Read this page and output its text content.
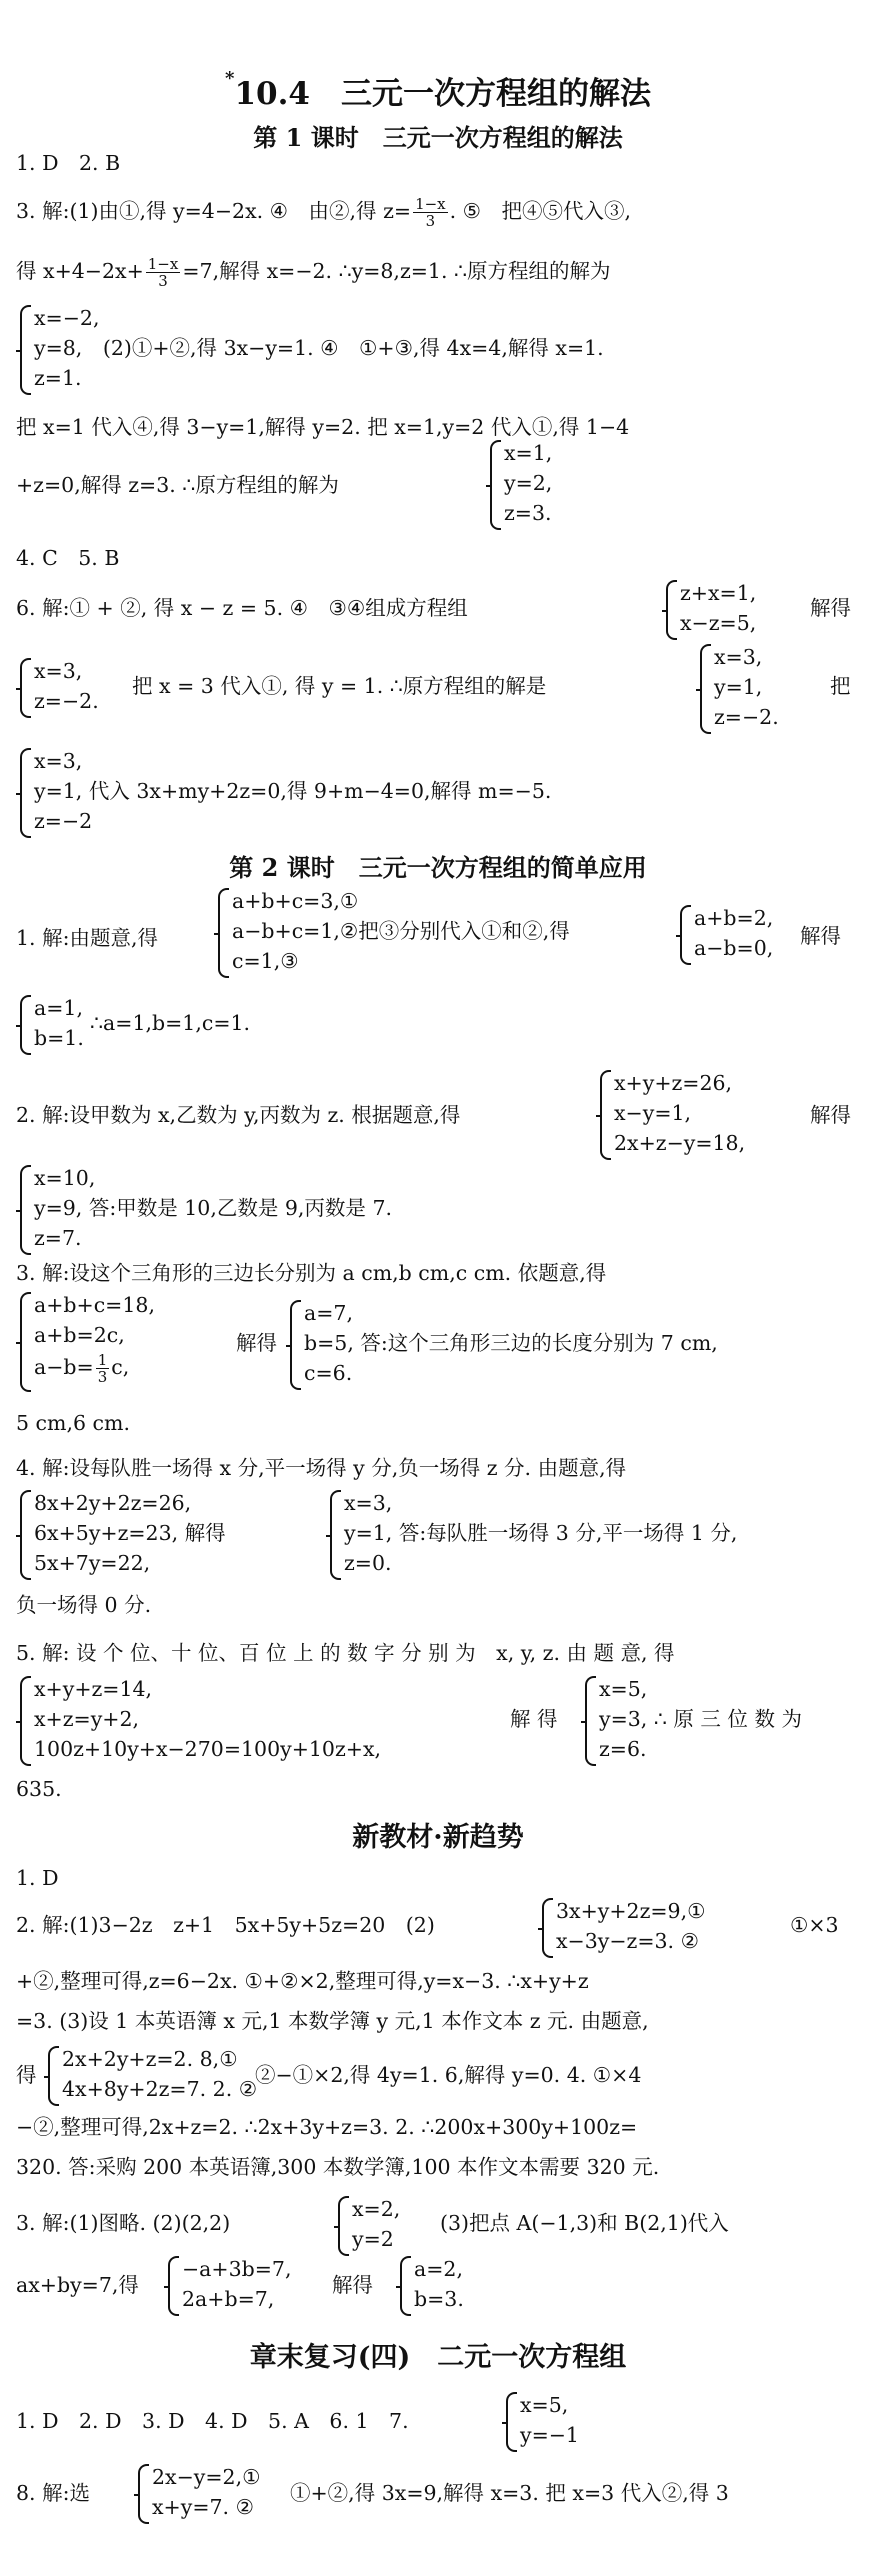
*10.4　 三元一次方程组的解法
第 1 课时　三元一次方程组的解法
1. D　2. B
3. 解:(1)由①,得 y=4−2x. ④　由②,得 $z= \frac{1-x}{3}$ . ⑤　把④⑤代入③,
得 $x+4-2x+ \frac{1-x}{3} =7$,解得 x=−2. ∴y=8,z=1. ∴原方程组的解为
x=−2,
y=8,　(2)①+②,得 3x−y=1. ④　①+③,得 4x=4,解得 x=1.
z=1.
把 x=1 代入④,得 3−y=1,解得 y=2. 把 x=1,y=2 代入①,得 1−4
+z=0,解得 z=3. ∴原方程组的解为
x=1,
y=2,
z=3.
4. C　5. B
6. 解:① + ②, 得 x − z = 5. ④　③④组成方程组
z+x=1,
x−z=5,
解得
x=3,
z=−2.
把 x = 3 代入①, 得 y = 1. ∴原方程组的解是
x=3,
y=1,
z=−2.
把
x=3,
y=1, 代入 3x+my+2z=0,得 9+m−4=0,解得 m=−5.
z=−2
第 2 课时　三元一次方程组的简单应用
1. 解:由题意,得
a+b+c=3,①
a−b+c=1,②把③分别代入①和②,得
c=1,③
a+b=2,
a−b=0, 解得
a=1,
b=1.
∴a=1,b=1,c=1.
2. 解:设甲数为 x,乙数为 y,丙数为 z. 根据题意,得
x+y+z=26,
x−y=1,
2x+z−y=18,
解得
x=10,
y=9, 答:甲数是 10,乙数是 9,丙数是 7.
z=7.
3. 解:设这个三角形的三边长分别为 a cm,b cm,c cm. 依题意,得
a+b+c=18,
a+b=2c,
$a-b= \frac{1}{3} c$,
解得
a=7,
b=5, 答:这个三角形三边的长度分别为 7 cm,
c=6.
5 cm,6 cm.
4. 解:设每队胜一场得 x 分,平一场得 y 分,负一场得 z 分. 由题意,得
8x+2y+2z=26,
6x+5y+z=23, 解得
5x+7y=22,
x=3,
y=1, 答:每队胜一场得 3 分,平一场得 1 分,
z=0.
负一场得 0 分.
5. 解: 设 个 位、十 位、百 位 上 的 数 字 分 别 为　x, y, z. 由 题 意, 得
x+y+z=14,
x+z=y+2,
100z+10y+x−270=100y+10z+x,
解 得
x=5,
y=3, ∴ 原 三 位 数 为
z=6.
635.
新教材·新趋势
1. D
2. 解:(1)3−2z　z+1　5x+5y+5z=20　(2)
3x+y+2z=9,①
x−3y−z=3. ②
①×3
+②,整理可得,z=6−2x. ①+②×2,整理可得,y=x−3. ∴x+y+z
=3. (3)设 1 本英语簿 x 元,1 本数学簿 y 元,1 本作文本 z 元. 由题意,
得
2x+2y+z=2. 8,①
4x+8y+2z=7. 2. ②
②−①×2,得 4y=1. 6,解得 y=0. 4. ①×4
−②,整理可得,2x+z=2. ∴2x+3y+z=3. 2. ∴200x+300y+100z=
320. 答:采购 200 本英语簿,300 本数学簿,100 本作文本需要 320 元.
3. 解:(1)图略. (2)(2,2)
x=2,
y=2
(3)把点 A(−1,3)和 B(2,1)代入
ax+by=7,得
−a+3b=7,
2a+b=7,
解得
a=2,
b=3.
章末复习(四)　二元一次方程组
1. D　2. D　3. D　4. D　5. A　6. 1　7.
x=5,
y=−1
8. 解:选
2x−y=2,①
x+y=7. ②
①+②,得 3x=9,解得 x=3. 把 x=3 代入②,得 3
